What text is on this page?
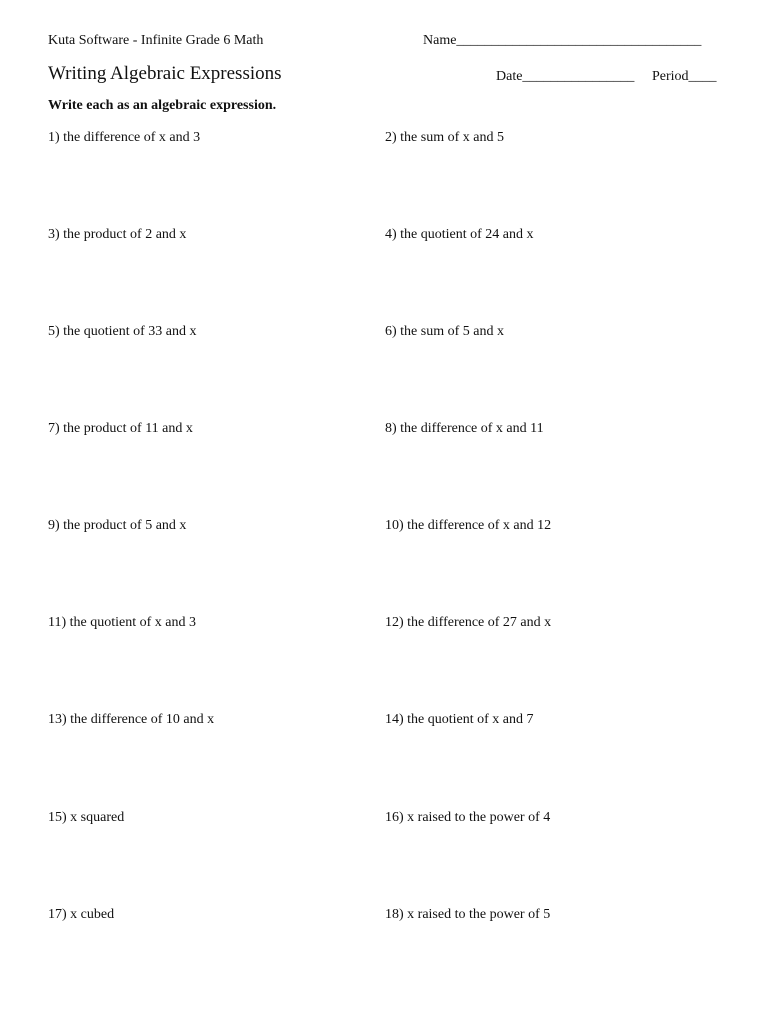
Kuta Software - Infinite Grade 6 Math
Writing Algebraic Expressions
Name___________________________________
Date________________ Period____
Write each as an algebraic expression.
1) the difference of x and 3	2) the sum of x and 5
3) the product of 2 and x	4) the quotient of 24 and x
5) the quotient of 33 and x	6) the sum of 5 and x
7) the product of 11 and x	8) the difference of x and 11
9) the product of 5 and x	10) the difference of x and 12
11) the quotient of x and 3	12) the difference of 27 and x
13) the difference of 10 and x	14) the quotient of x and 7
15) x squared	16) x raised to the power of 4
17) x cubed	18) x raised to the power of 5
